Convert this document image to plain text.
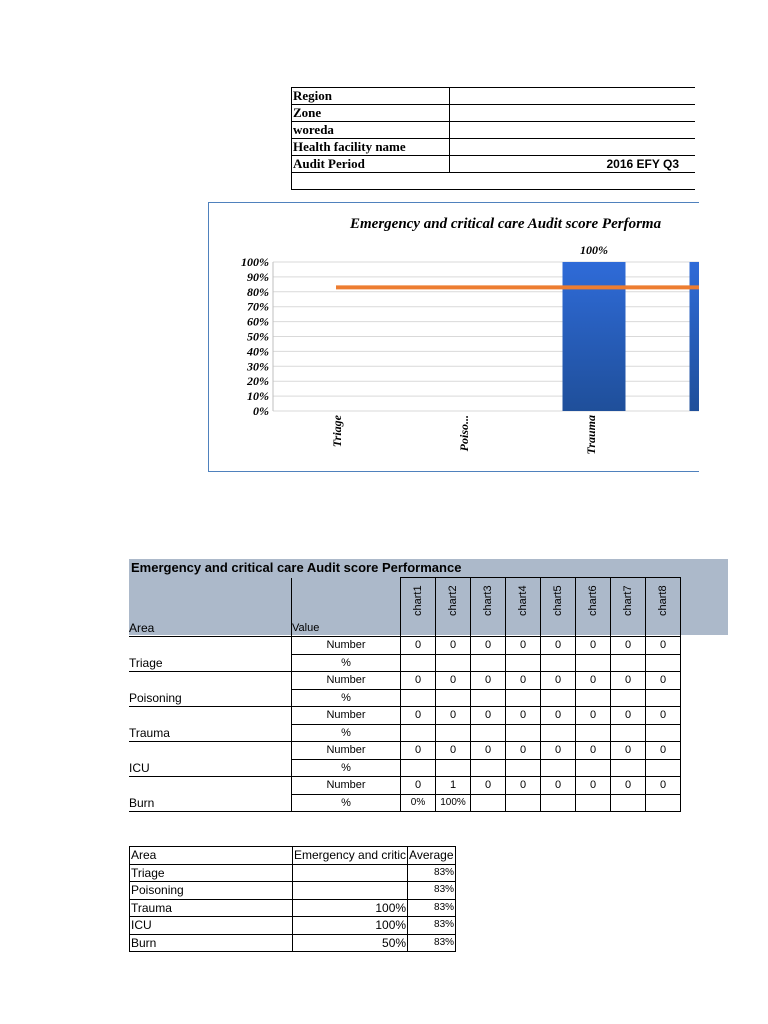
Region	
Zone	
woreda	
Health facility name	
Audit Period	2016 EFY Q3

Emergency and critical care Audit score Performa
0%
10%
20%
30%
40%
50%
60%
70%
80%
90%
100%
Triage	Poiso...
100%
Trauma
Emergency and critical care Audit score Performance
Area	Value	chart1	chart2	chart3	chart4	chart5	chart6	chart7	chart8

Triage	Number	0	0	0	0	0	0	0	0
	%								
Poisoning	Number	0	0	0	0	0	0	0	0
	%								
Trauma	Number	0	0	0	0	0	0	0	0
	%								
ICU	Number	0	0	0	0	0	0	0	0
	%								
Burn	Number	0	1	0	0	0	0	0	0
	%	0%	100%						
Area	Emergency and critic	Average
Triage		83%
Poisoning		83%
Trauma	100%	83%
ICU	100%	83%
Burn	50%	83%
